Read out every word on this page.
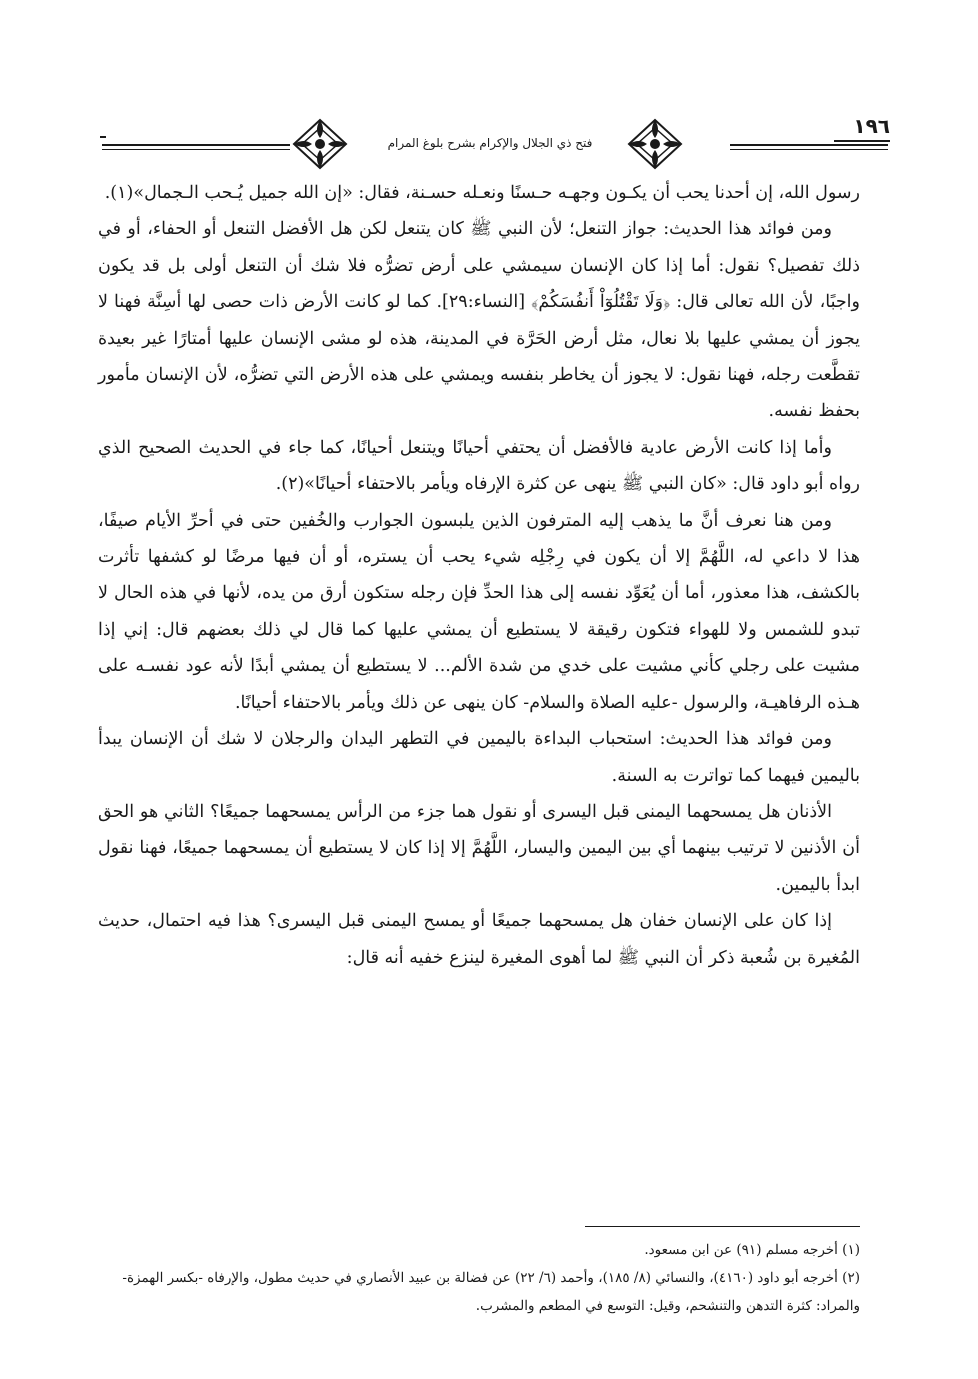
١٩٦
فتح ذي الجلال والإكرام بشرح بلوغ المرام

رسول الله، إن أحدنا يحب أن يكـون وجهـه حـسنًا ونعـله حسـنة، فقال: «إن الله جميل يُـحب الـجمال»(١).

ومن فوائد هذا الحديث: جواز التنعل؛ لأن النبي ﷺ كان يتنعل لكن هل الأفضل التنعل أو الحفاء، أو في ذلك تفصيل؟ نقول: أما إذا كان الإنسان سيمشي على أرض تضرُّه فلا شك أن التنعل أولى بل قد يكون واجبًا، لأن الله تعالى قال: ﴿وَلَا تَقْتُلُوٓاْ أَنفُسَكُمْ﴾ [النساء:٢٩]. كما لو كانت الأرض ذات حصى لها أسِنَّة فهنا لا يجوز أن يمشي عليها بلا نعال، مثل أرض الحَرَّة في المدينة، هذه لو مشى الإنسان عليها أمتارًا غير بعيدة تقطَّعت رجله، فهنا نقول: لا يجوز أن يخاطر بنفسه ويمشي على هذه الأرض التي تضرُّه، لأن الإنسان مأمور بحفظ نفسه.

وأما إذا كانت الأرض عادية فالأفضل أن يحتفي أحيانًا ويتنعل أحيانًا، كما جاء في الحديث الصحيح الذي رواه أبو داود قال: «كان النبي ﷺ ينهى عن كثرة الإرفاه ويأمر بالاحتفاء أحيانًا»(٢).

ومن هنا نعرف أنَّ ما يذهب إليه المترفون الذين يلبسون الجوارب والخُفين حتى في أحرِّ الأيام صيفًا، هذا لا داعي له، اللَّهُمَّ إلا أن يكون في رِجْلِه شيء يحب أن يستره، أو أن فيها مرضًا لو كشفها تأثرت بالكشف، هذا معذور، أما أن يُعَوِّد نفسه إلى هذا الحدِّ فإن رجله ستكون أرق من يده، لأنها في هذه الحال لا تبدو للشمس ولا للهواء فتكون رقيقة لا يستطيع أن يمشي عليها كما قال لي ذلك بعضهم قال: إني إذا مشيت على رجلي كأني مشيت على خدي من شدة الألم... لا يستطيع أن يمشي أبدًا لأنه عود نفسـه على هـذه الرفاهيـة، والرسول -عليه الصلاة والسلام- كان ينهى عن ذلك ويأمر بالاحتفاء أحيانًا.

ومن فوائد هذا الحديث: استحباب البداءة باليمين في التطهر اليدان والرجلان لا شك أن الإنسان يبدأ باليمين فيهما كما تواترت به السنة.

الأذنان هل يمسحهما اليمنى قبل اليسرى أو نقول هما جزء من الرأس يمسحهما جميعًا؟ الثاني هو الحق أن الأذنين لا ترتيب بينهما أي بين اليمين واليسار، اللَّهُمَّ إلا إذا كان لا يستطيع أن يمسحهما جميعًا، فهنا نقول ابدأ باليمين.

إذا كان على الإنسان خفان هل يمسحهما جميعًا أو يمسح اليمنى قبل اليسرى؟ هذا فيه احتمال، حديث المُغيرة بن شُعبة ذكر أن النبي ﷺ لما أهوى المغيرة لينزع خفيه أنه قال:

(١) أخرجه مسلم (٩١) عن ابن مسعود.

(٢) أخرجه أبو داود (٤١٦٠)، والنسائي (٨/ ١٨٥)، وأحمد (٦/ ٢٢) عن فضالة بن عبيد الأنصاري في حديث مطول، والإرفاه -بكسر الهمزة- والمراد: كثرة التدهن والتنشحم، وقيل: التوسع في المطعم والمشرب.
